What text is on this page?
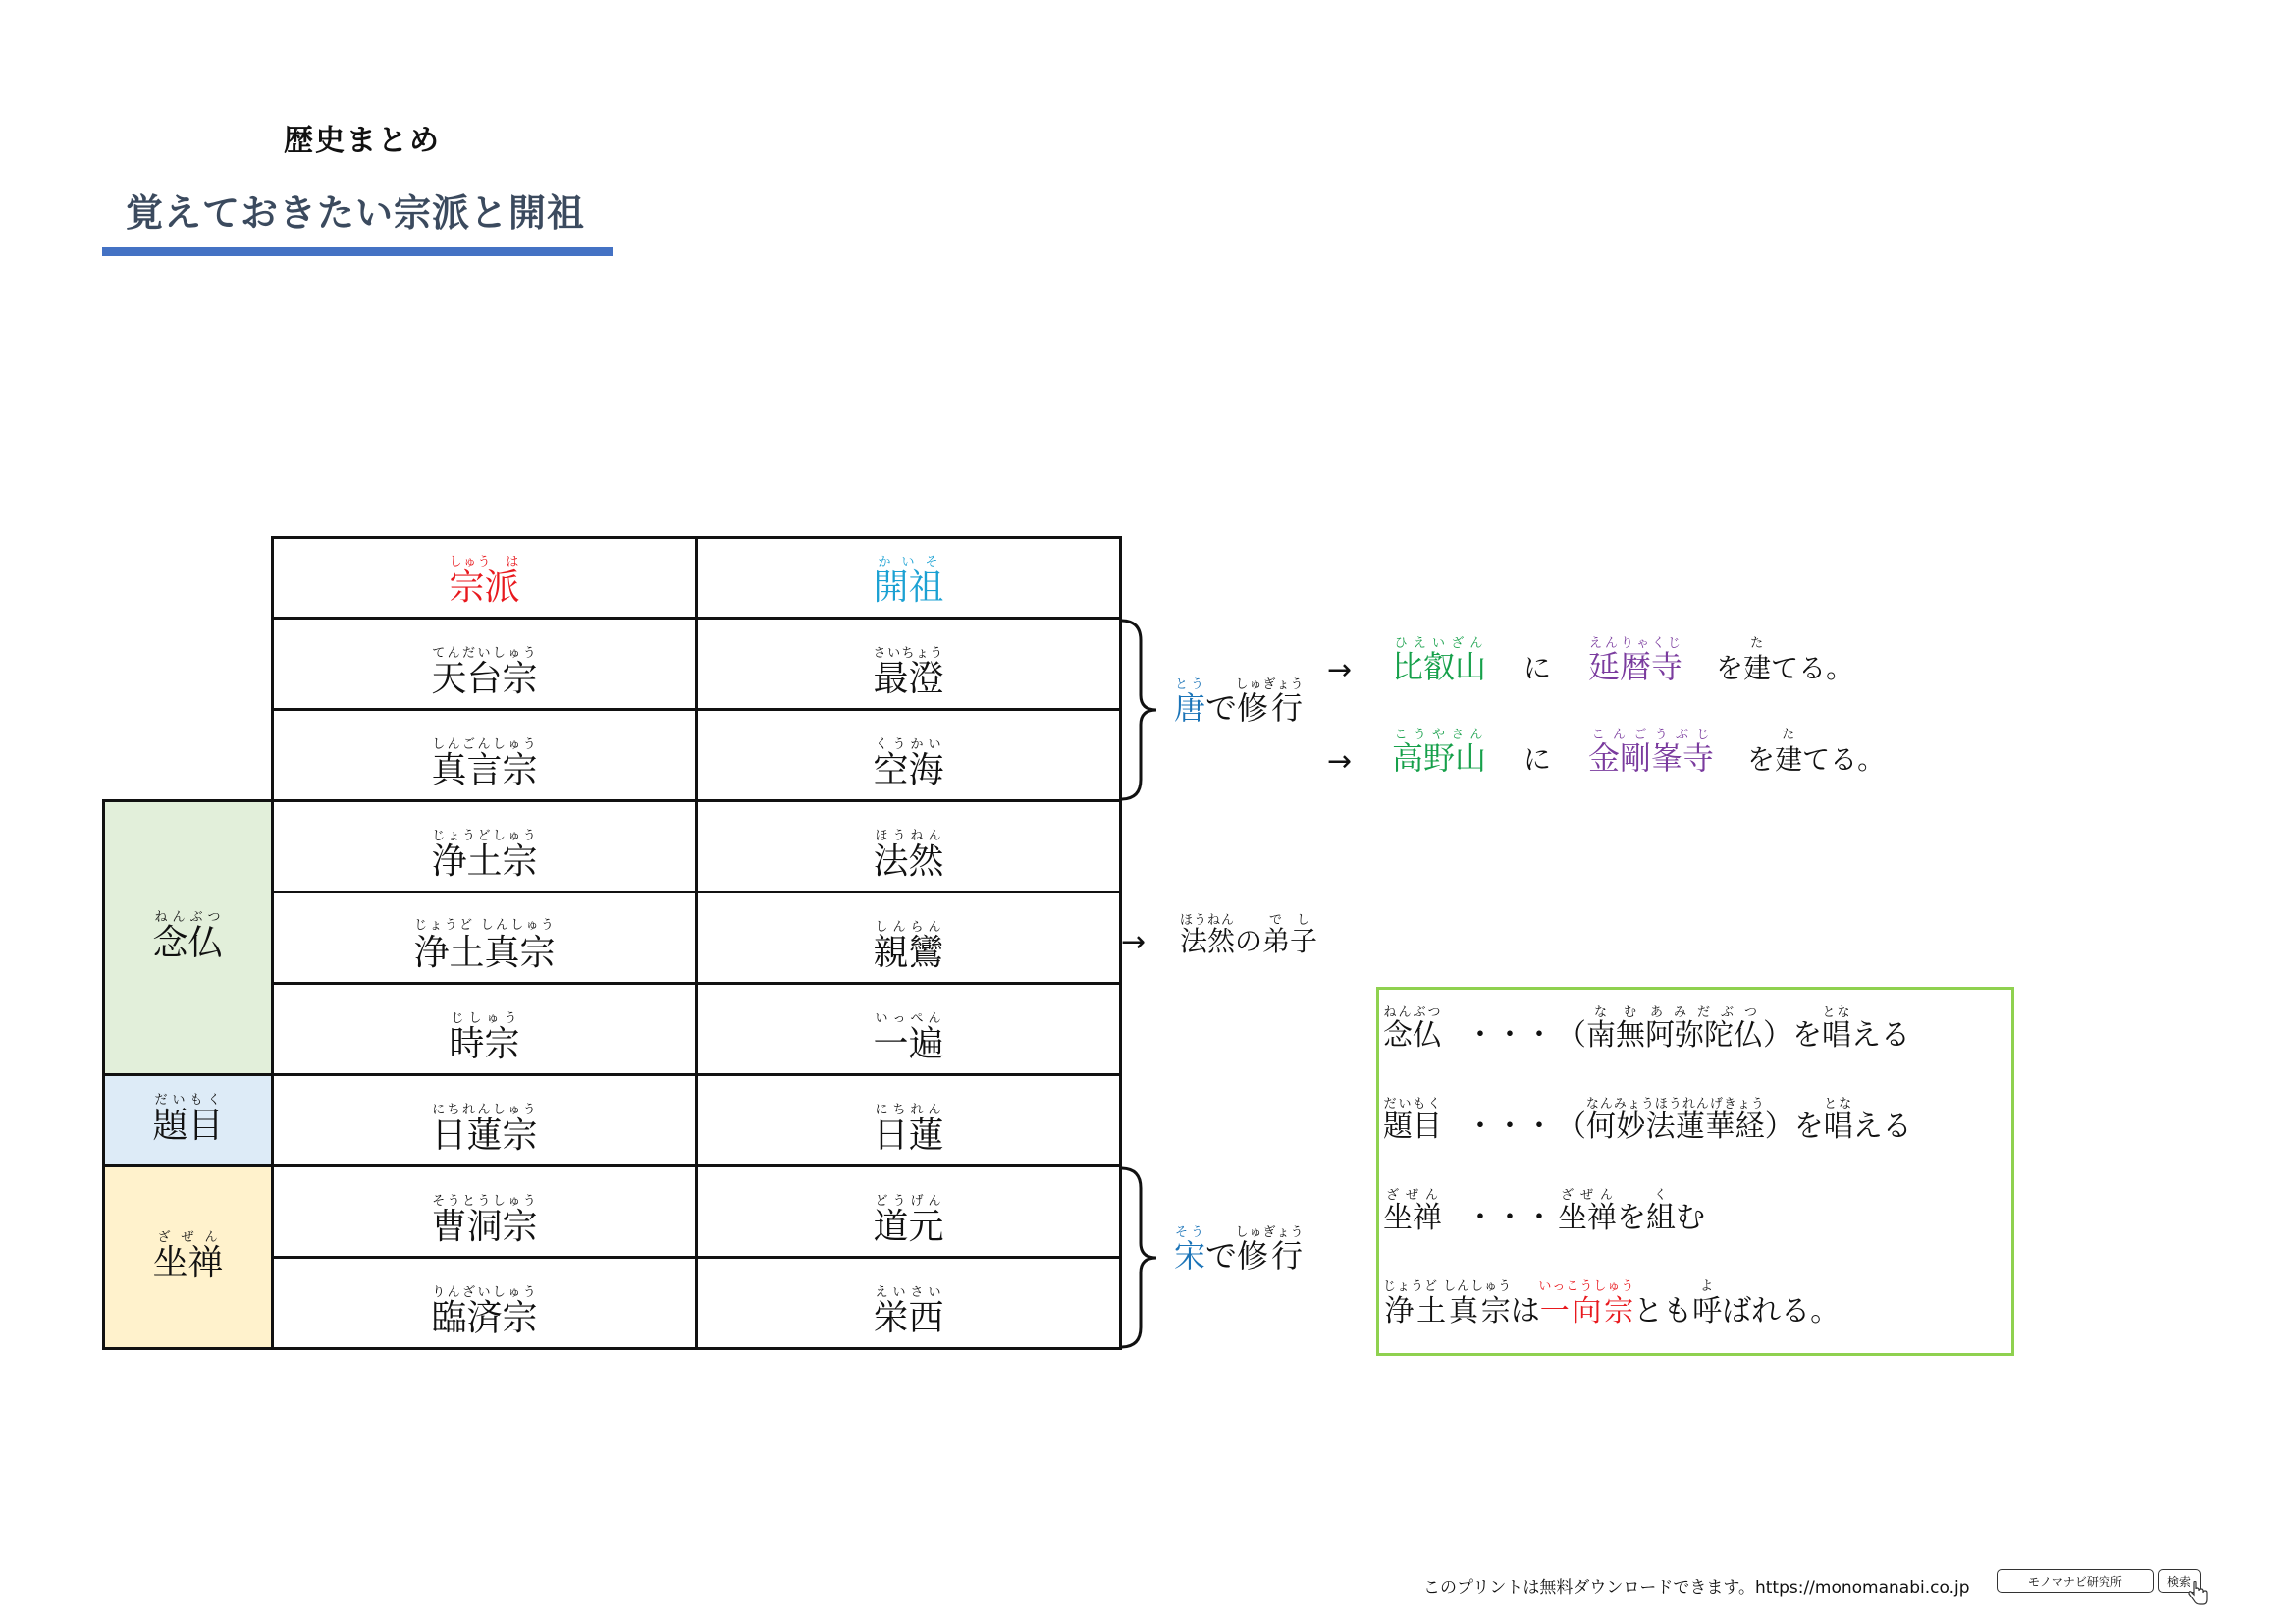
歴史まとめ
覚えておきたい宗派と開祖
宗派しゅう　は
開祖かいそ
天台宗てんだいしゅう
最澄さいちょう
真言宗しんごんしゅう
空海くうかい
浄土宗じょうどしゅう
法然ほうねん
浄土真宗じょうど しんしゅう
親鸞しんらん
時宗じしゅう
一遍いっぺん
日蓮宗にちれんしゅう
日蓮にちれん
曹洞宗そうとうしゅう
道元どうげん
臨済宗りんざいしゅう
栄西えいさい
念仏ねんぶつ
題目だいもく
坐禅ざぜん
唐とうで修行しゅぎょう
宋そうで修行しゅぎょう
→ 比叡山ひえいざんに 延暦寺えんりゃくじを建たてる。
→ 高野山こうやさんに 金剛峯寺こんごうぶじを建たてる。
→ 法然ほうねんの弟子でし
念仏ねんぶつ・・・ （南無なむ阿弥陀仏あみだぶつ）を唱となえる
題目だいもく・・・ （何妙法蓮華経なんみょうほうれんげきょう）を唱となえる
坐禅ざぜん・・・ 坐禅ざぜんを組くむ
浄土真宗じょうど しんしゅうは一向宗いっこうしゅうとも呼よばれる。
このプリントは無料ダウンロードできます。https://monomanabi.co.jp	モノマナビ研究所	検索
